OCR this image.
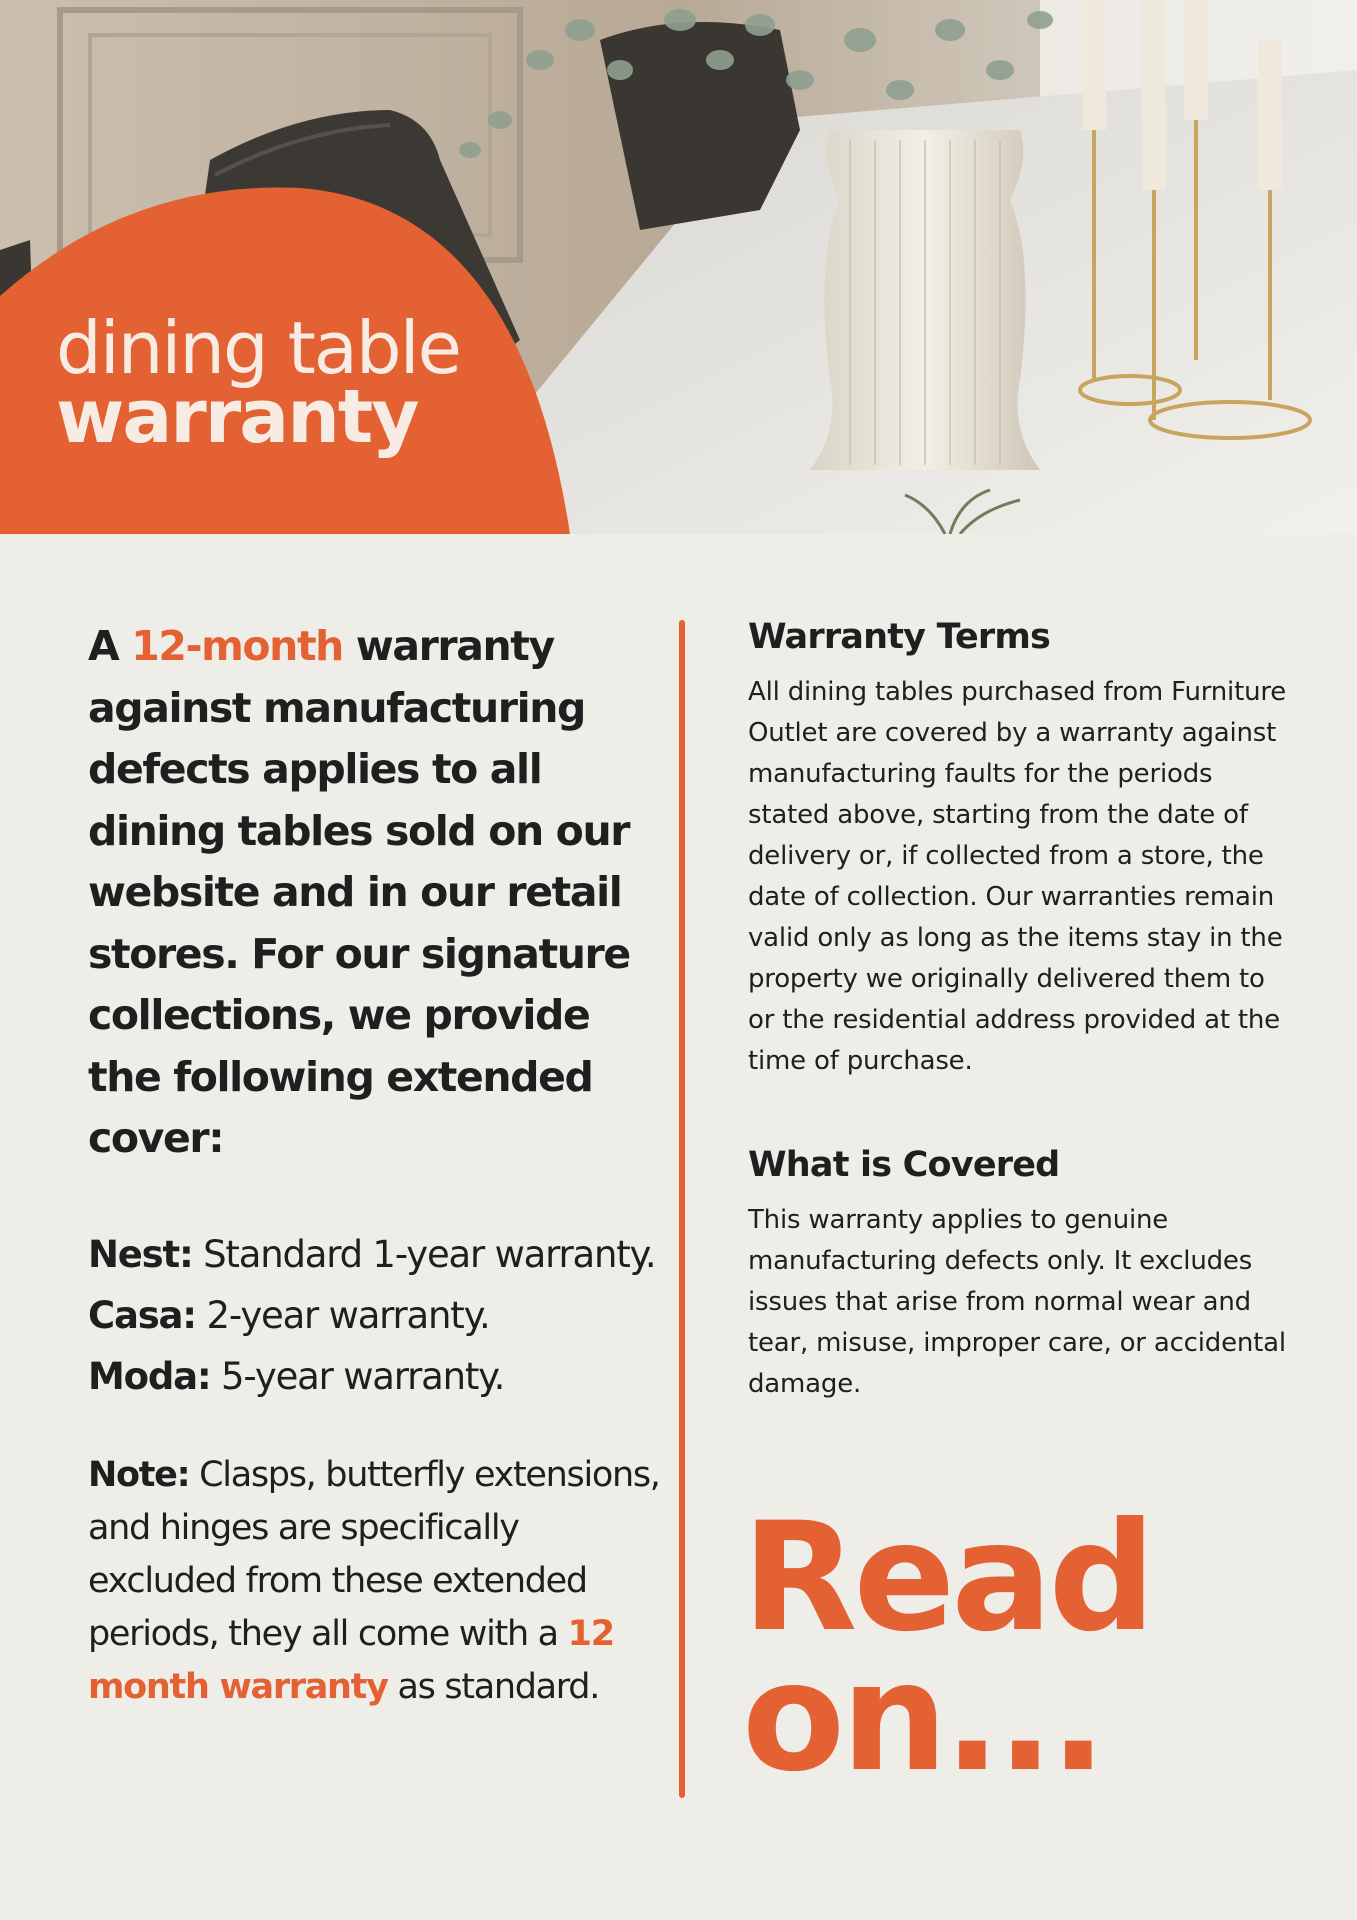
dining table
warranty

A 12-month warranty against manufacturing defects applies to all dining tables sold on our website and in our retail stores. For our signature collections, we provide the following extended cover:

Nest: Standard 1-year warranty.
Casa: 2-year warranty.
Moda: 5-year warranty.
Note: Clasps, butterfly extensions, and hinges are specifically excluded from these extended periods, they all come with a 12 month warranty as standard.
Warranty Terms

All dining tables purchased from Furniture Outlet are covered by a warranty against manufacturing faults for the periods stated above, starting from the date of delivery or, if collected from a store, the date of collection. Our warranties remain valid only as long as the items stay in the property we originally delivered them to or the residential address provided at the time of purchase.

What is Covered

This warranty applies to genuine manufacturing defects only. It excludes issues that arise from normal wear and tear, misuse, improper care, or accidental damage.

Read
on...
